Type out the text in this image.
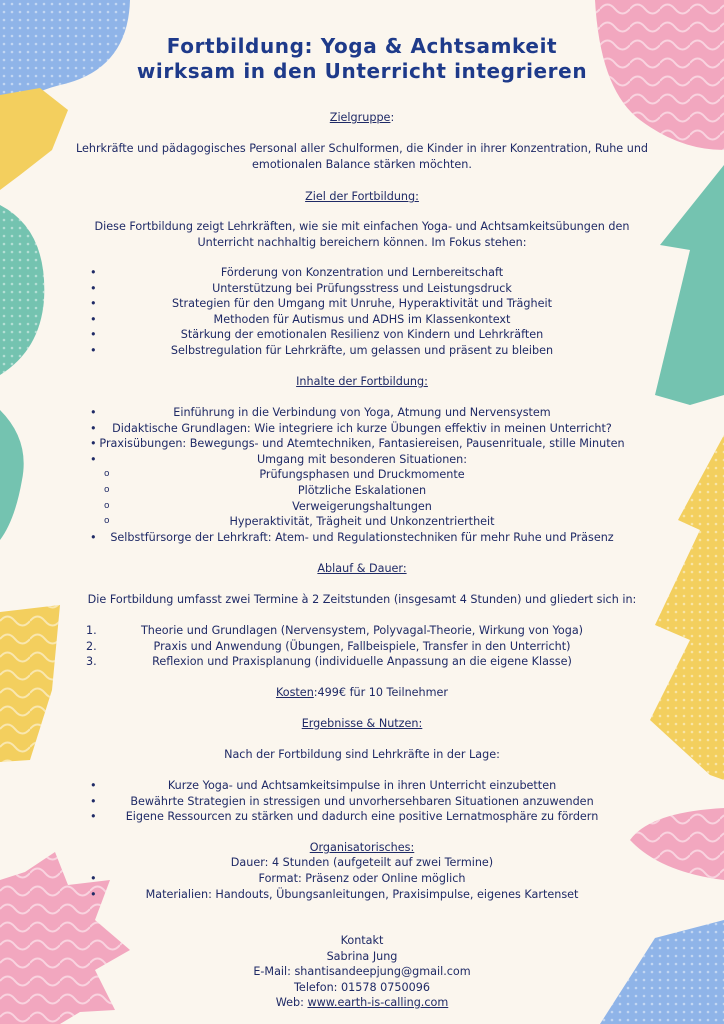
Fortbildung: Yoga & Achtsamkeit
wirksam in den Unterricht integrieren
Zielgruppe:
Lehrkräfte und pädagogisches Personal aller Schulformen, die Kinder in ihrer Konzentration, Ruhe und emotionalen Balance stärken möchten.
Ziel der Fortbildung:
Diese Fortbildung zeigt Lehrkräften, wie sie mit einfachen Yoga- und Achtsamkeitsübungen den Unterricht nachhaltig bereichern können. Im Fokus stehen:
•	Förderung von Konzentration und Lernbereitschaft
•	Unterstützung bei Prüfungsstress und Leistungsdruck
•	Strategien für den Umgang mit Unruhe, Hyperaktivität und Trägheit
•	Methoden für Autismus und ADHS im Klassenkontext
•	Stärkung der emotionalen Resilienz von Kindern und Lehrkräften
•	Selbstregulation für Lehrkräfte, um gelassen und präsent zu bleiben
Inhalte der Fortbildung:
•	Einführung in die Verbindung von Yoga, Atmung und Nervensystem
• Didaktische Grundlagen: Wie integriere ich kurze Übungen effektiv in meinen Unterricht?
• Praxisübungen: Bewegungs- und Atemtechniken, Fantasiereisen, Pausenrituale, stille Minuten
•	Umgang mit besonderen Situationen:
o	Prüfungsphasen und Druckmomente
o	Plötzliche Eskalationen
o	Verweigerungshaltungen
o	Hyperaktivität, Trägheit und Unkonzentriertheit
• Selbstfürsorge der Lehrkraft: Atem- und Regulationstechniken für mehr Ruhe und Präsenz
Ablauf & Dauer:
Die Fortbildung umfasst zwei Termine à 2 Zeitstunden (insgesamt 4 Stunden) und gliedert sich in:
1.	Theorie und Grundlagen (Nervensystem, Polyvagal-Theorie, Wirkung von Yoga)
2.	Praxis und Anwendung (Übungen, Fallbeispiele, Transfer in den Unterricht)
3.	Reflexion und Praxisplanung (individuelle Anpassung an die eigene Klasse)
Kosten:499€ für 10 Teilnehmer
Ergebnisse & Nutzen:
Nach der Fortbildung sind Lehrkräfte in der Lage:
•	Kurze Yoga- und Achtsamkeitsimpulse in ihren Unterricht einzubetten
•	Bewährte Strategien in stressigen und unvorhersehbaren Situationen anzuwenden
•	Eigene Ressourcen zu stärken und dadurch eine positive Lernatmosphäre zu fördern
Organisatorisches:
Dauer: 4 Stunden (aufgeteilt auf zwei Termine)
•	Format: Präsenz oder Online möglich
•	Materialien: Handouts, Übungsanleitungen, Praxisimpulse, eigenes Kartenset
Kontakt
Sabrina Jung
E-Mail: shantisandeepjung@gmail.com
Telefon: 01578 0750096
Web: www.earth-is-calling.com
